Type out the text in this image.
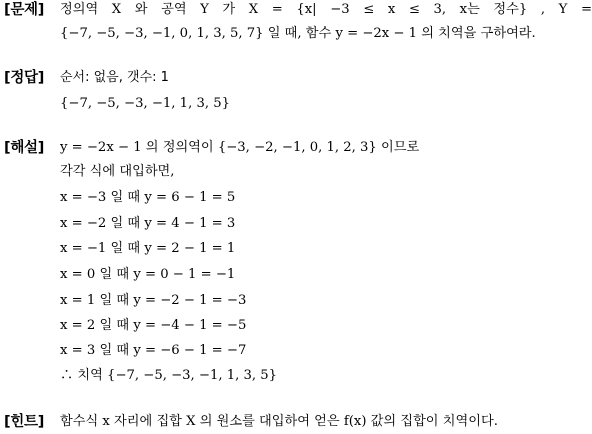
[문제] 정의역 X 와 공역 Y 가 X = {x| −3 ≤ x ≤ 3, x는 정수} , Y =
{−7, −5, −3, −1, 0, 1, 3, 5, 7} 일 때, 함수 y = −2x − 1 의 치역을 구하여라.
[정답] 순서: 없음, 갯수: 1
{−7, −5, −3, −1, 1, 3, 5}
[해설] y = −2x − 1 의 정의역이 {−3, −2, −1, 0, 1, 2, 3} 이므로
각각 식에 대입하면,
x = −3 일 때 y = 6 − 1 = 5
x = −2 일 때 y = 4 − 1 = 3
x = −1 일 때 y = 2 − 1 = 1
x = 0 일 때 y = 0 − 1 = −1
x = 1 일 때 y = −2 − 1 = −3
x = 2 일 때 y = −4 − 1 = −5
x = 3 일 때 y = −6 − 1 = −7
∴ 치역 {−7, −5, −3, −1, 1, 3, 5}
[힌트] 함수식 x 자리에 집합 X 의 원소를 대입하여 얻은 f(x) 값의 집합이 치역이다.
